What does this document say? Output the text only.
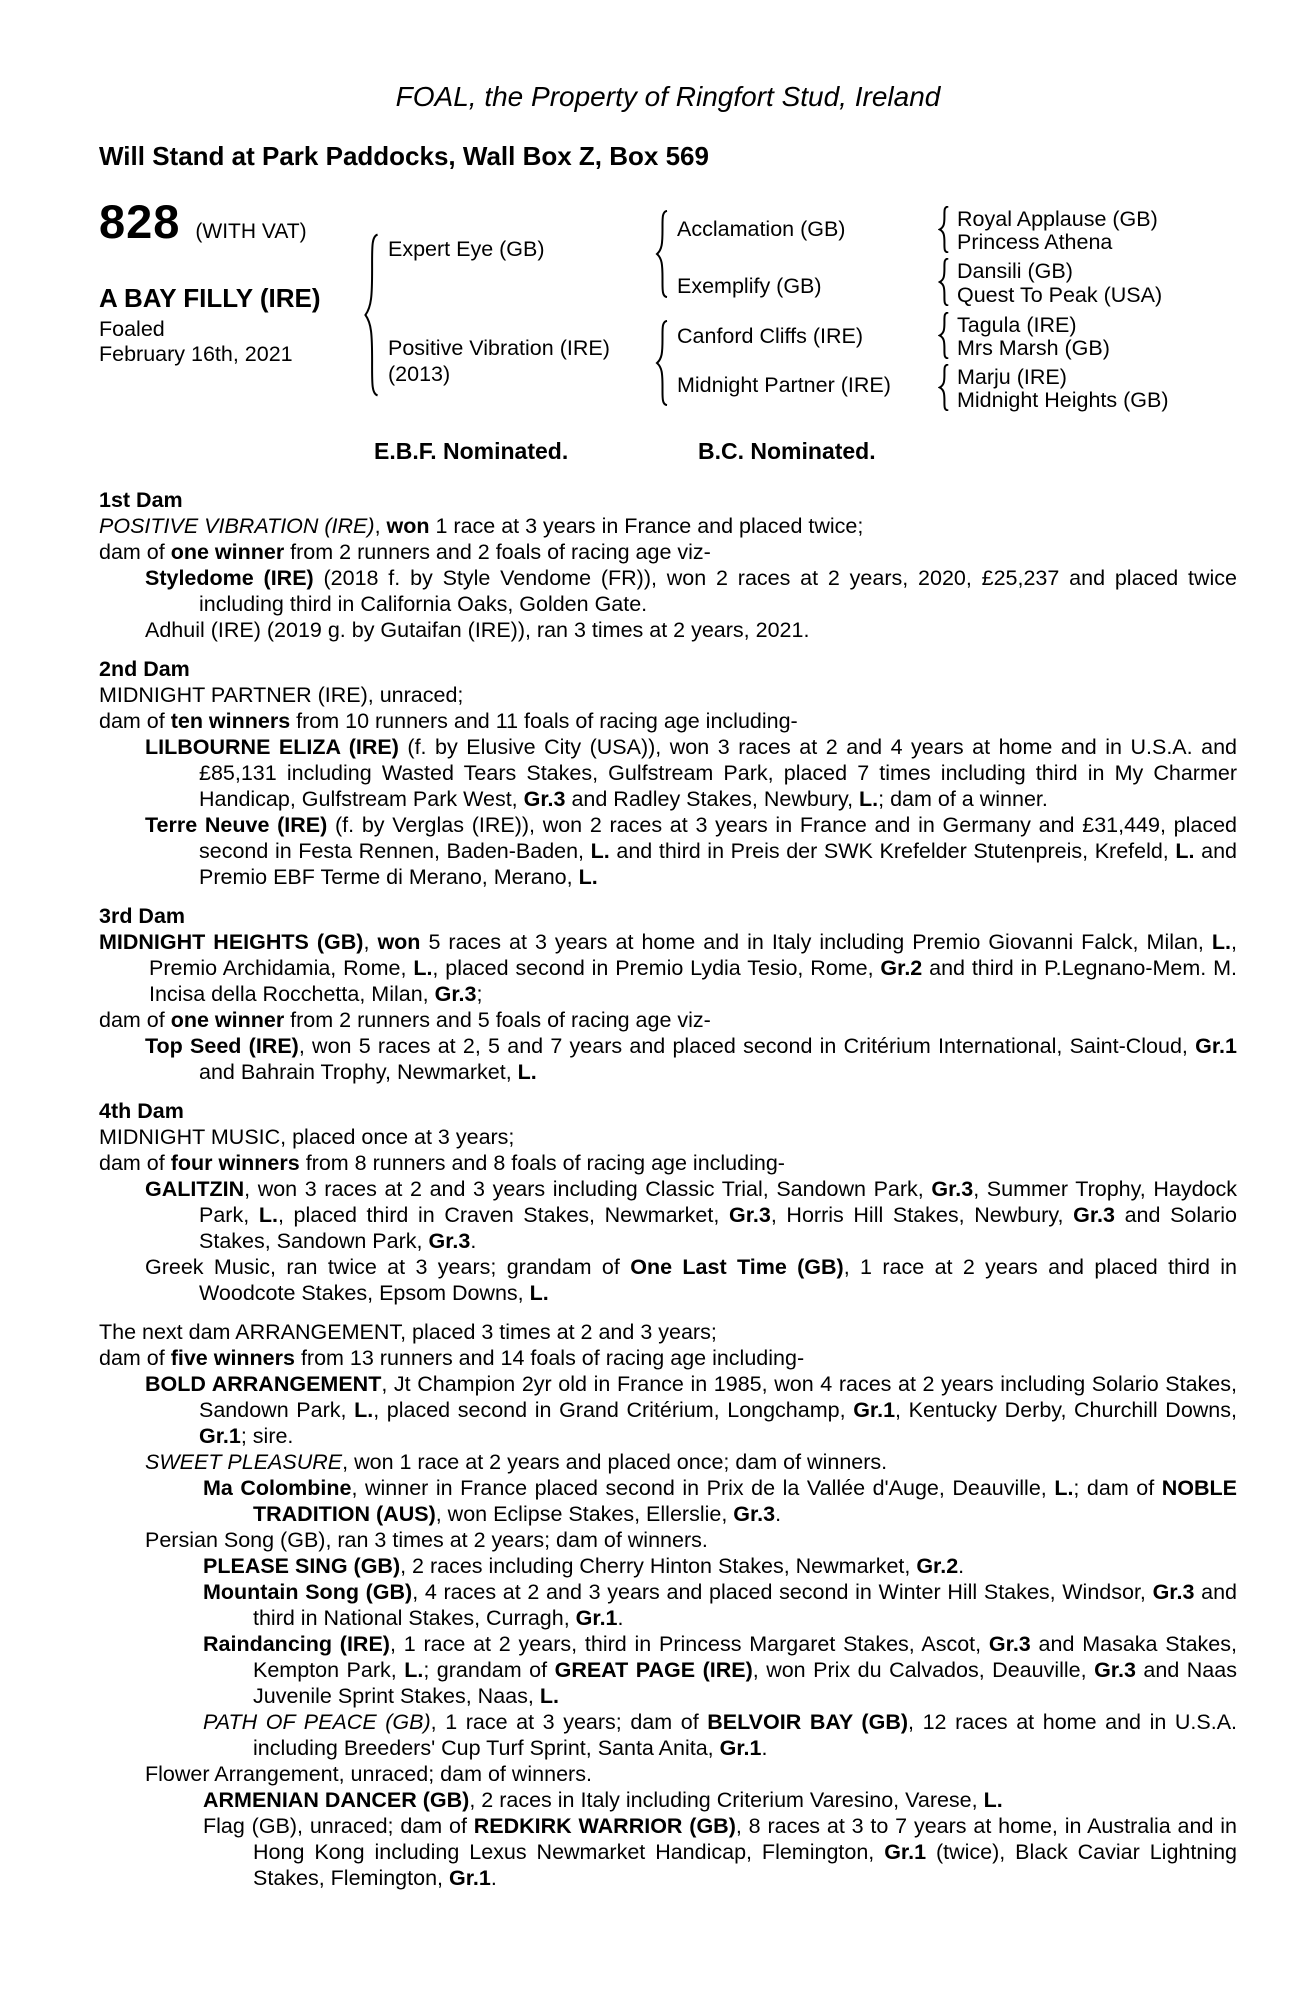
FOAL, the Property of Ringfort Stud, Ireland
Will Stand at Park Paddocks, Wall Box Z, Box 569
828 (WITH VAT)
A BAY FILLY (IRE)
Foaled
February 16th, 2021
Expert Eye (GB)
Positive Vibration (IRE)
(2013)
Acclamation (GB)
Exemplify (GB)
Canford Cliffs (IRE)
Midnight Partner (IRE)
Royal Applause (GB)
Princess Athena
Dansili (GB)
Quest To Peak (USA)
Tagula (IRE)
Mrs Marsh (GB)
Marju (IRE)
Midnight Heights (GB)
E.B.F. Nominated.	B.C. Nominated.
1st Dam

POSITIVE VIBRATION (IRE), won 1 race at 3 years in France and placed twice;

dam of one winner from 2 runners and 2 foals of racing age viz-

Styledome (IRE) (2018 f. by Style Vendome (FR)), won 2 races at 2 years, 2020, £25,237 and placed twice including third in California Oaks, Golden Gate.

Adhuil (IRE) (2019 g. by Gutaifan (IRE)), ran 3 times at 2 years, 2021.

2nd Dam

MIDNIGHT PARTNER (IRE), unraced;

dam of ten winners from 10 runners and 11 foals of racing age including-

LILBOURNE ELIZA (IRE) (f. by Elusive City (USA)), won 3 races at 2 and 4 years at home and in U.S.A. and £85,131 including Wasted Tears Stakes, Gulfstream Park, placed 7 times including third in My Charmer Handicap, Gulfstream Park West, Gr.3 and Radley Stakes, Newbury, L.; dam of a winner.

Terre Neuve (IRE) (f. by Verglas (IRE)), won 2 races at 3 years in France and in Germany and £31,449, placed second in Festa Rennen, Baden-Baden, L. and third in Preis der SWK Krefelder Stutenpreis, Krefeld, L. and Premio EBF Terme di Merano, Merano, L.

3rd Dam

MIDNIGHT HEIGHTS (GB), won 5 races at 3 years at home and in Italy including Premio Giovanni Falck, Milan, L., Premio Archidamia, Rome, L., placed second in Premio Lydia Tesio, Rome, Gr.2 and third in P.Legnano-Mem. M. Incisa della Rocchetta, Milan, Gr.3;

dam of one winner from 2 runners and 5 foals of racing age viz-

Top Seed (IRE), won 5 races at 2, 5 and 7 years and placed second in Critérium International, Saint-Cloud, Gr.1 and Bahrain Trophy, Newmarket, L.

4th Dam

MIDNIGHT MUSIC, placed once at 3 years;

dam of four winners from 8 runners and 8 foals of racing age including-

GALITZIN, won 3 races at 2 and 3 years including Classic Trial, Sandown Park, Gr.3, Summer Trophy, Haydock Park, L., placed third in Craven Stakes, Newmarket, Gr.3, Horris Hill Stakes, Newbury, Gr.3 and Solario Stakes, Sandown Park, Gr.3.

Greek Music, ran twice at 3 years; grandam of One Last Time (GB), 1 race at 2 years and placed third in Woodcote Stakes, Epsom Downs, L.

The next dam ARRANGEMENT, placed 3 times at 2 and 3 years;

dam of five winners from 13 runners and 14 foals of racing age including-

BOLD ARRANGEMENT, Jt Champion 2yr old in France in 1985, won 4 races at 2 years including Solario Stakes, Sandown Park, L., placed second in Grand Critérium, Longchamp, Gr.1, Kentucky Derby, Churchill Downs, Gr.1; sire.

SWEET PLEASURE, won 1 race at 2 years and placed once; dam of winners.

Ma Colombine, winner in France placed second in Prix de la Vallée d'Auge, Deauville, L.; dam of NOBLE TRADITION (AUS), won Eclipse Stakes, Ellerslie, Gr.3.

Persian Song (GB), ran 3 times at 2 years; dam of winners.

PLEASE SING (GB), 2 races including Cherry Hinton Stakes, Newmarket, Gr.2.

Mountain Song (GB), 4 races at 2 and 3 years and placed second in Winter Hill Stakes, Windsor, Gr.3 and third in National Stakes, Curragh, Gr.1.

Raindancing (IRE), 1 race at 2 years, third in Princess Margaret Stakes, Ascot, Gr.3 and Masaka Stakes, Kempton Park, L.; grandam of GREAT PAGE (IRE), won Prix du Calvados, Deauville, Gr.3 and Naas Juvenile Sprint Stakes, Naas, L.

PATH OF PEACE (GB), 1 race at 3 years; dam of BELVOIR BAY (GB), 12 races at home and in U.S.A. including Breeders' Cup Turf Sprint, Santa Anita, Gr.1.

Flower Arrangement, unraced; dam of winners.

ARMENIAN DANCER (GB), 2 races in Italy including Criterium Varesino, Varese, L.

Flag (GB), unraced; dam of REDKIRK WARRIOR (GB), 8 races at 3 to 7 years at home, in Australia and in Hong Kong including Lexus Newmarket Handicap, Flemington, Gr.1 (twice), Black Caviar Lightning Stakes, Flemington, Gr.1.
